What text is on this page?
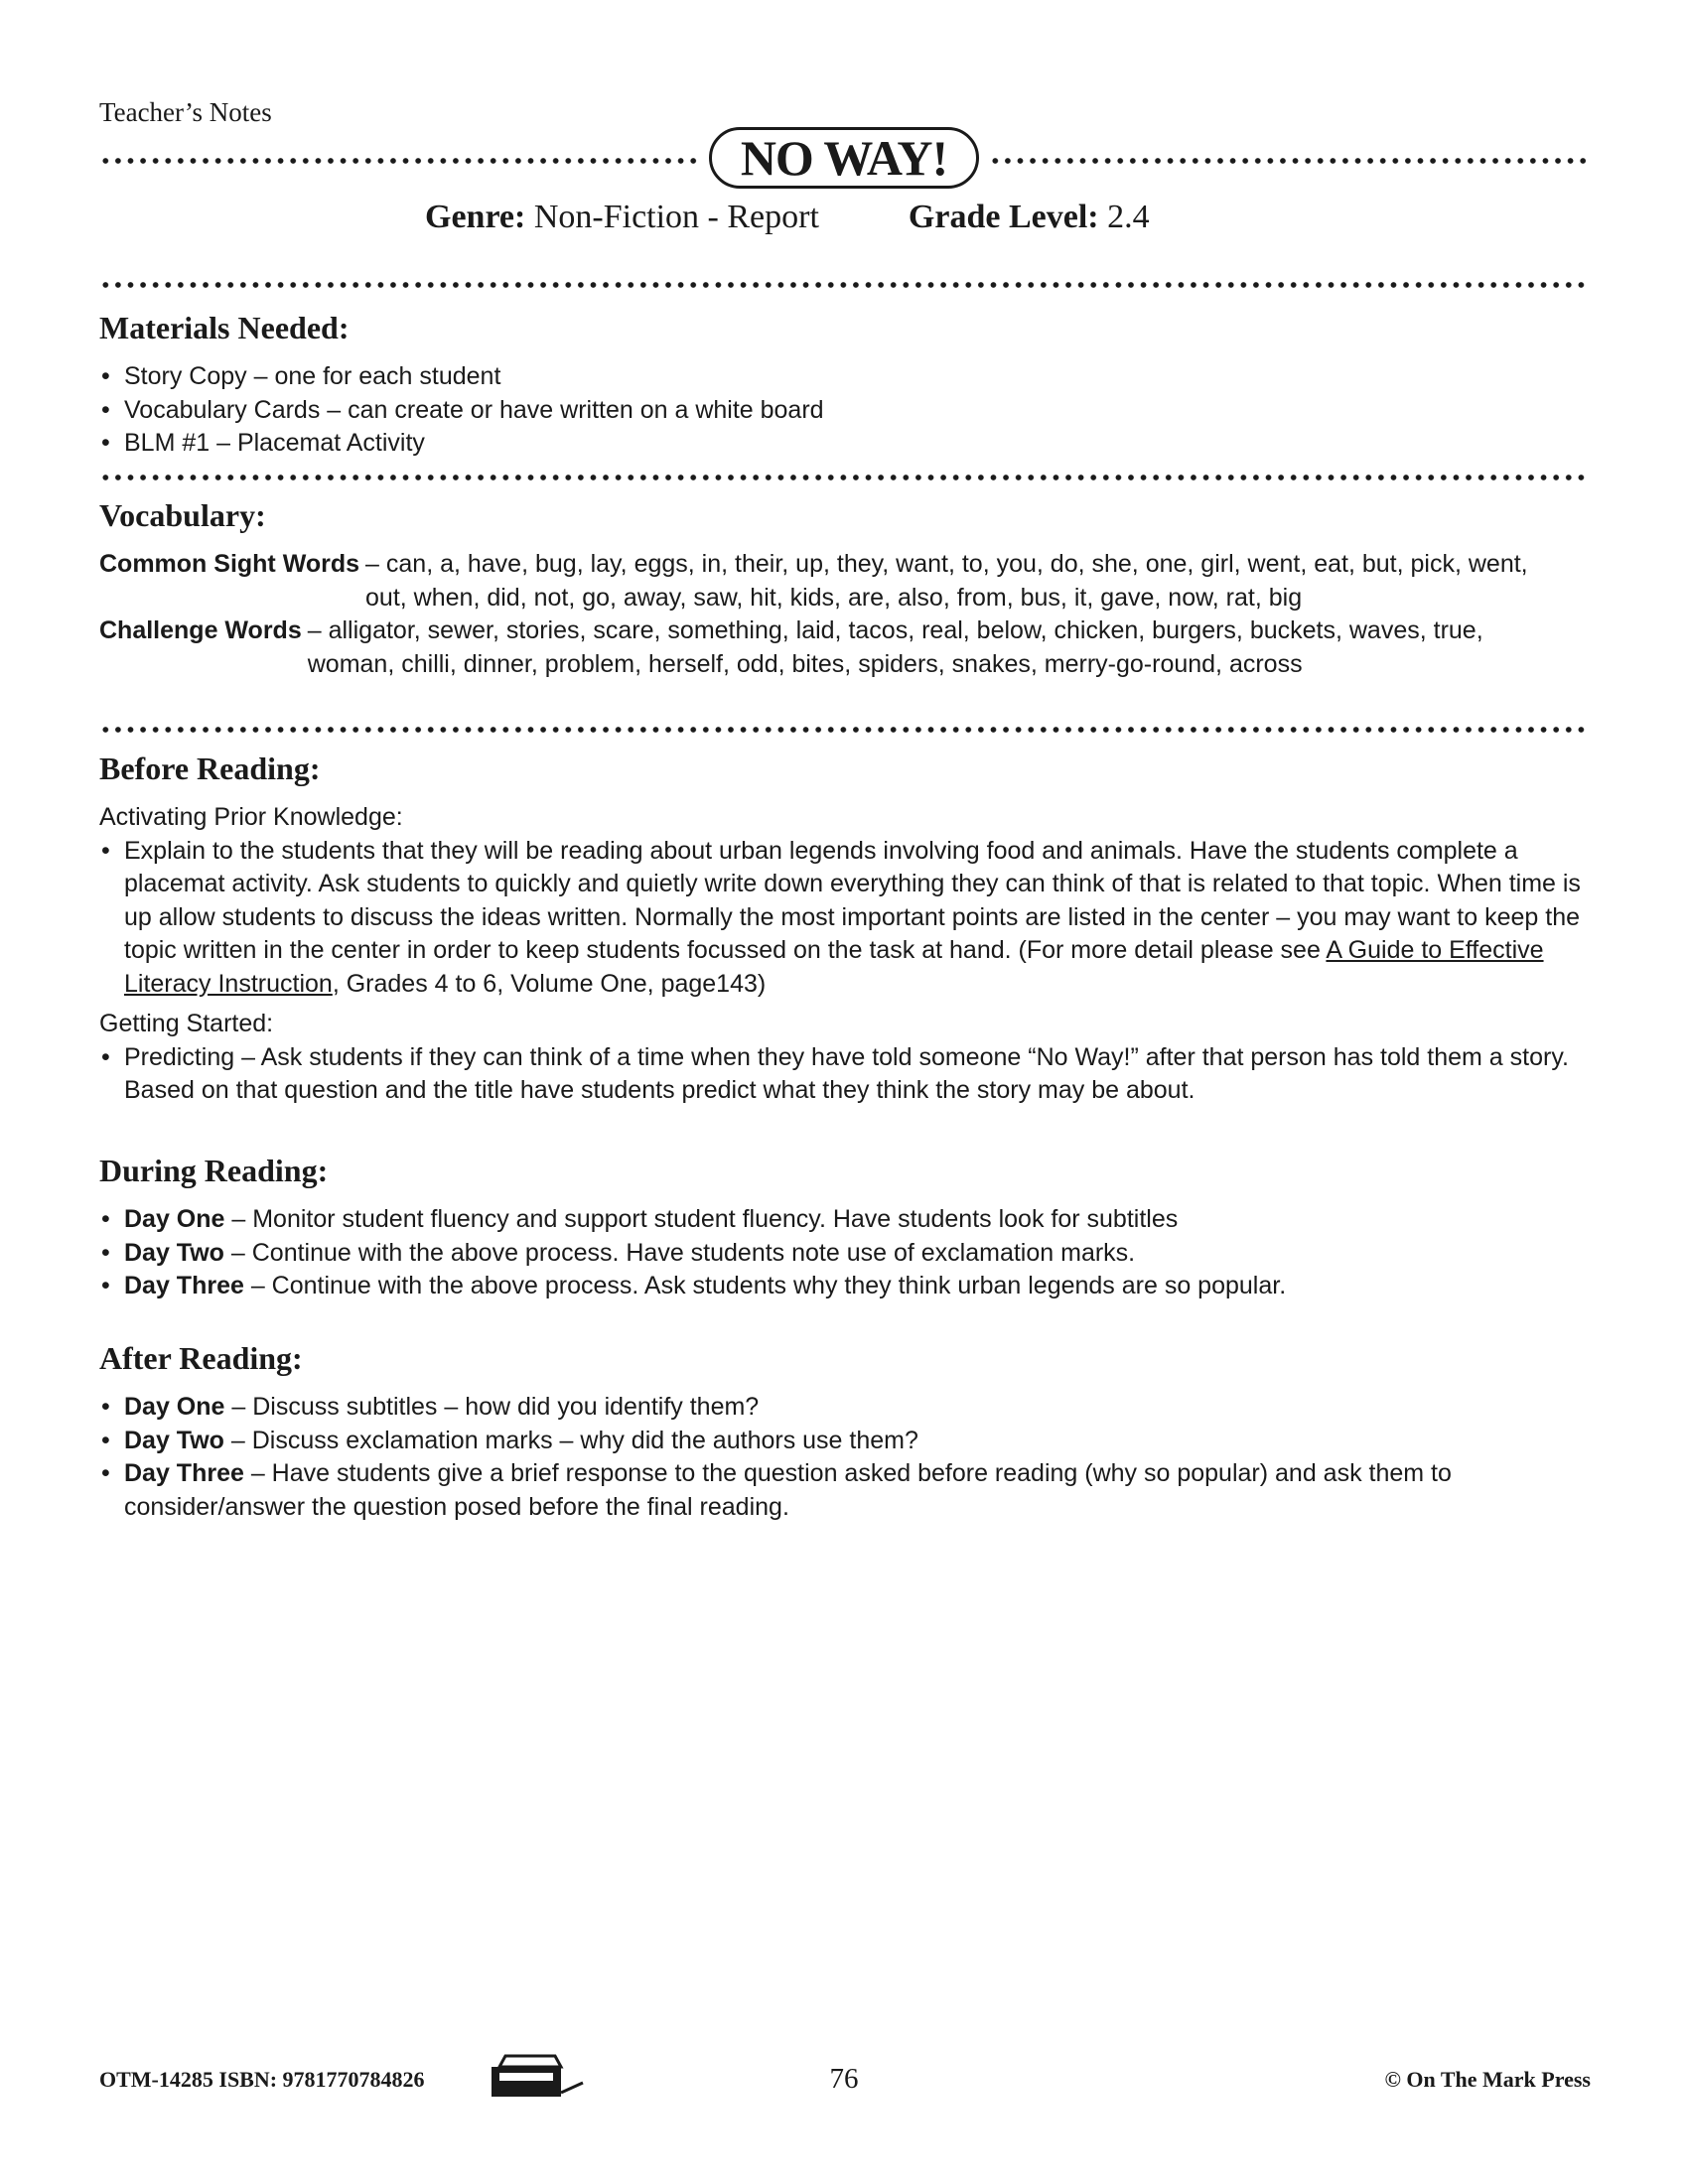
Teacher’s Notes
NO WAY!
Genre: Non-Fiction - Report	Grade Level: 2.4
Materials Needed:
• Story Copy – one for each student
• Vocabulary Cards – can create or have written on a white board
• BLM #1 – Placemat Activity
Vocabulary:
Common Sight Words – can, a, have, bug, lay, eggs, in, their, up, they, want, to, you, do, she, one, girl, went, eat, but, pick, went, out, when, did, not, go, away, saw, hit, kids, are, also, from, bus, it, gave, now, rat, big
Challenge Words – alligator, sewer, stories, scare, something, laid, tacos, real, below, chicken, burgers, buckets, waves, true, woman, chilli, dinner, problem, herself, odd, bites, spiders, snakes, merry-go-round, across
Before Reading:
Activating Prior Knowledge:
• Explain to the students that they will be reading about urban legends involving food and animals. Have the students complete a placemat activity. Ask students to quickly and quietly write down everything they can think of that is related to that topic. When time is up allow students to discuss the ideas written. Normally the most important points are listed in the center – you may want to keep the topic written in the center in order to keep students focussed on the task at hand. (For more detail please see A Guide to Effective Literacy Instruction, Grades 4 to 6, Volume One, page143)
Getting Started:
• Predicting – Ask students if they can think of a time when they have told someone “No Way!” after that person has told them a story. Based on that question and the title have students predict what they think the story may be about.
During Reading:
• Day One – Monitor student fluency and support student fluency. Have students look for subtitles
• Day Two – Continue with the above process. Have students note use of exclamation marks.
• Day Three – Continue with the above process. Ask students why they think urban legends are so popular.
After Reading:
• Day One – Discuss subtitles – how did you identify them?
• Day Two – Discuss exclamation marks – why did the authors use them?
• Day Three – Have students give a brief response to the question asked before reading (why so popular) and ask them to consider/answer the question posed before the final reading.
OTM-14285 ISBN: 9781770784826	76	© On The Mark Press
